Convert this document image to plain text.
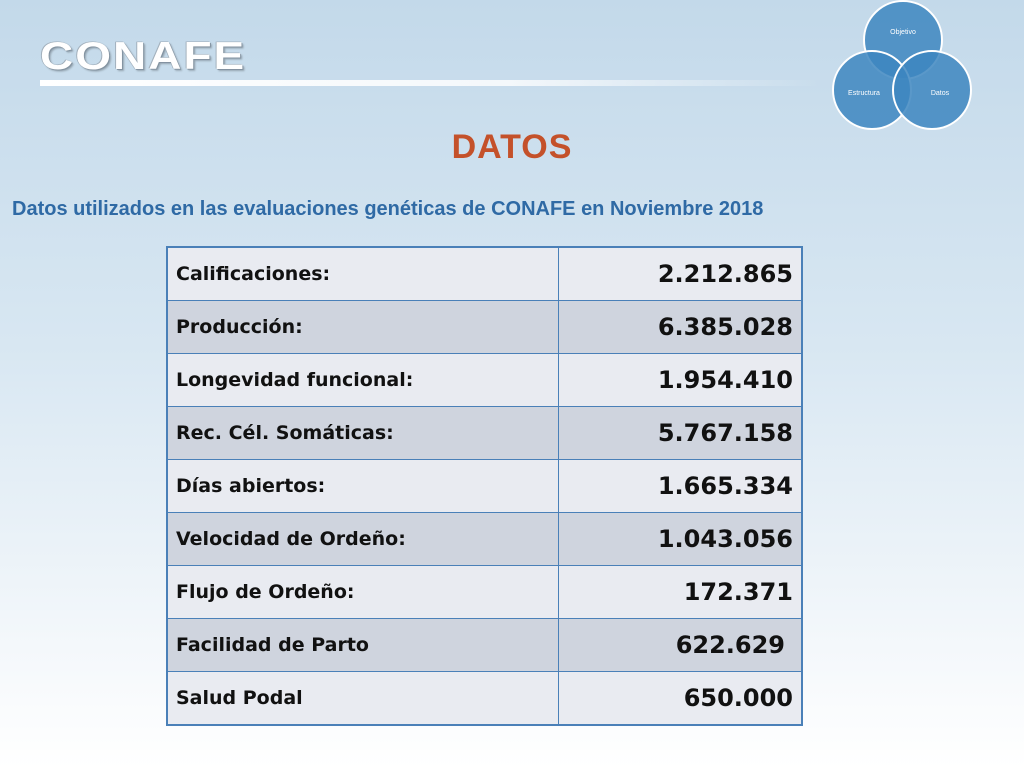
CONAFE
Objetivo
Estructura	Datos
DATOS

Datos utilizados en las evaluaciones genéticas de CONAFE en Noviembre 2018

Calificaciones:	2.212.865
Producción:	6.385.028
Longevidad funcional:	1.954.410
Rec. Cél. Somáticas:	5.767.158
Días abiertos:	1.665.334
Velocidad de Ordeño:	1.043.056
Flujo de Ordeño:	172.371
Facilidad de Parto	622.629
Salud Podal	650.000
